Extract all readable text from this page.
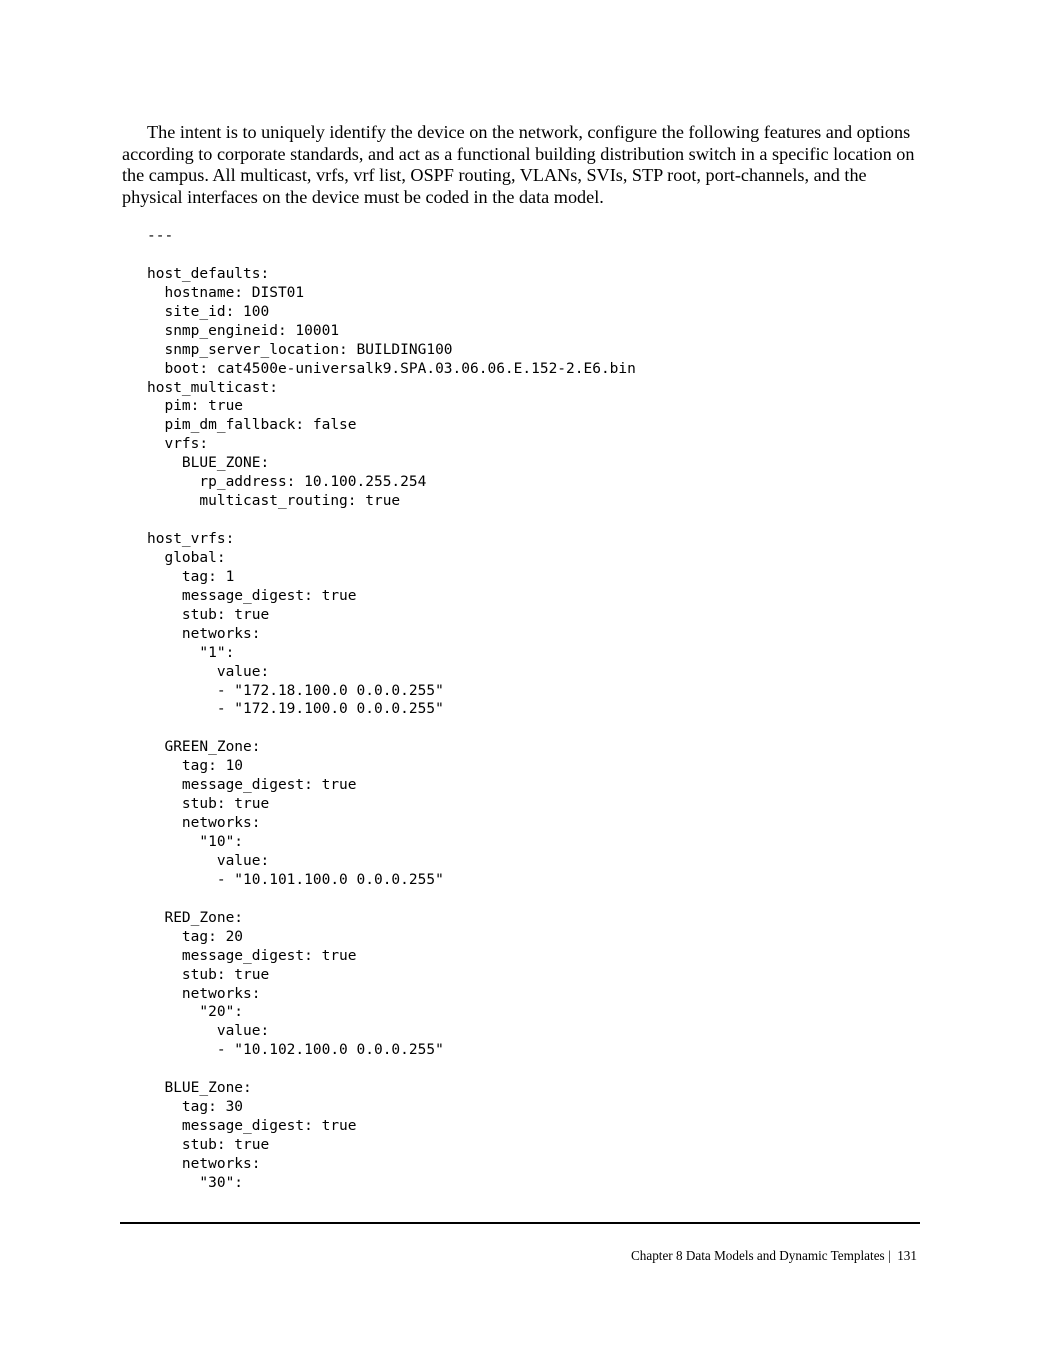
The intent is to uniquely identify the device on the network, configure the following features and options according to corporate standards, and act as a functional building distribution switch in a specific location on the campus. All multicast, vrfs, vrf list, OSPF routing, VLANs, SVIs, STP root, port-channels, and the physical interfaces on the device must be coded in the data model.

---
host_defaults:
hostname: DIST01
site_id: 100
snmp_engineid: 10001
snmp_server_location: BUILDING100
boot: cat4500e-universalk9.SPA.03.06.06.E.152-2.E6.bin
host_multicast:
pim: true
pim_dm_fallback: false
vrfs:
BLUE_ZONE:
rp_address: 10.100.255.254
multicast_routing: true
host_vrfs:
global:
tag: 1
message_digest: true
stub: true
networks:
"1":
value:
- "172.18.100.0 0.0.0.255"
- "172.19.100.0 0.0.0.255"
GREEN_Zone:
tag: 10
message_digest: true
stub: true
networks:
"10":
value:
- "10.101.100.0 0.0.0.255"
RED_Zone:
tag: 20
message_digest: true
stub: true
networks:
"20":
value:
- "10.102.100.0 0.0.0.255"
BLUE_Zone:
tag: 30
message_digest: true
stub: true
networks:
"30":
Chapter 8 Data Models and Dynamic Templates |  131
